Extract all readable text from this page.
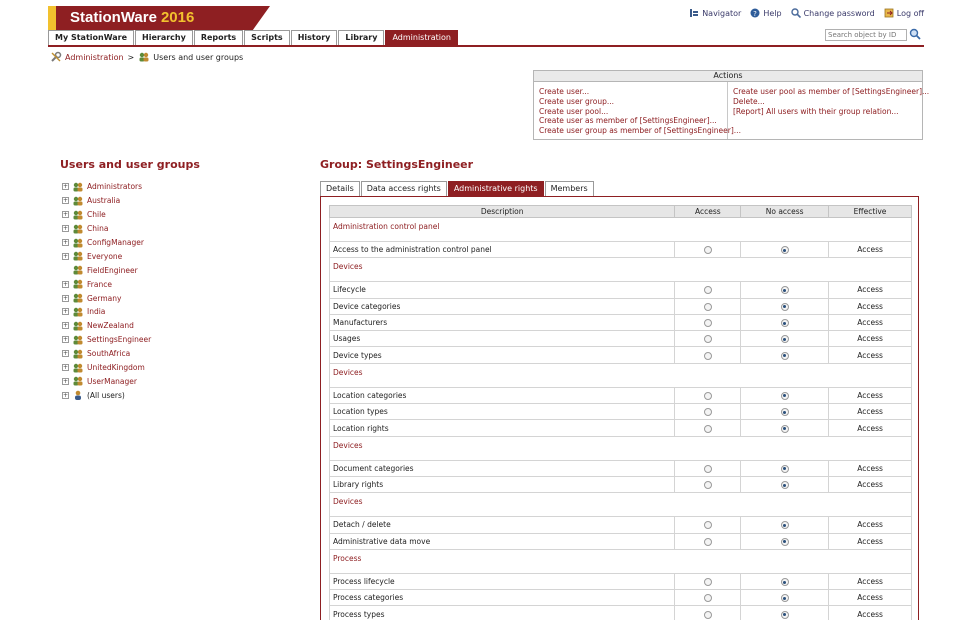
StationWare 2016
My StationWare	Hierarchy	Reports	Scripts	History	Library	Administration
Navigator ? Help	Change password	Log off
Search object by ID
Administration > Users and user groups
Actions
Create user...
Create user group...
Create user pool...
Create user as member of [SettingsEngineer]...
Create user group as member of [SettingsEngineer]...
Create user pool as member of [SettingsEngineer]...
Delete...
[Report] All users with their group relation...
Users and user groups
+	Administrators
+	Australia
+	Chile
+	China
+	ConfigManager
+	Everyone
FieldEngineer
+	France
+	Germany
+	India
+	NewZealand
+	SettingsEngineer
+	SouthAfrica
+	UnitedKingdom
+	UserManager
+	(All users)
Group: SettingsEngineer
Details	Data access rights	Administrative rights	Members
Description	Access	No access	Effective
Administration control panel			
Access to the administration control panel			Access
Devices			
Lifecycle			Access
Device categories			Access
Manufacturers			Access
Usages			Access
Device types			Access
Devices			
Location categories			Access
Location types			Access
Location rights			Access
Devices			
Document categories			Access
Library rights			Access
Devices			
Detach / delete			Access
Administrative data move			Access
Process			
Process lifecycle			Access
Process categories			Access
Process types			Access
